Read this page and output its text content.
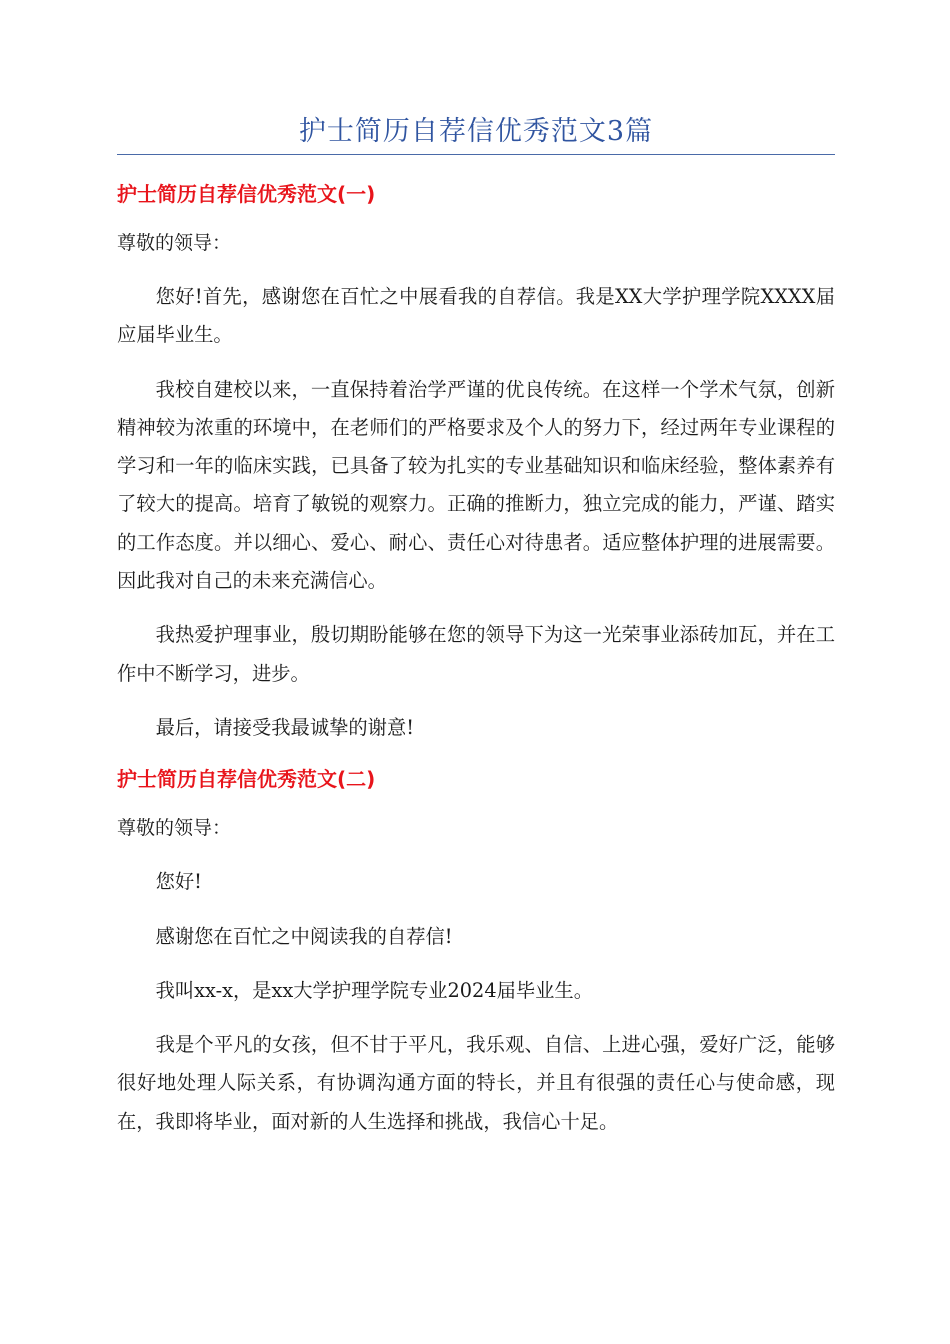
护士简历自荐信优秀范文3篇
护士简历自荐信优秀范文(一)

尊敬的领导：

您好!首先，感谢您在百忙之中展看我的自荐信。我是XX大学护理学院XXXX届应届毕业生。

我校自建校以来，一直保持着治学严谨的优良传统。在这样一个学术气氛，创新精神较为浓重的环境中，在老师们的严格要求及个人的努力下，经过两年专业课程的学习和一年的临床实践，已具备了较为扎实的专业基础知识和临床经验，整体素养有了较大的提高。培育了敏锐的观察力。正确的推断力，独立完成的能力，严谨、踏实的工作态度。并以细心、爱心、耐心、责任心对待患者。适应整体护理的进展需要。因此我对自己的未来充满信心。

我热爱护理事业，殷切期盼能够在您的领导下为这一光荣事业添砖加瓦，并在工作中不断学习，进步。

最后，请接受我最诚挚的谢意!

护士简历自荐信优秀范文(二)

尊敬的领导：

您好!

感谢您在百忙之中阅读我的自荐信!

我叫xx-x，是xx大学护理学院专业2024届毕业生。

我是个平凡的女孩，但不甘于平凡，我乐观、自信、上进心强，爱好广泛，能够很好地处理人际关系，有协调沟通方面的特长，并且有很强的责任心与使命感，现在，我即将毕业，面对新的人生选择和挑战，我信心十足。
